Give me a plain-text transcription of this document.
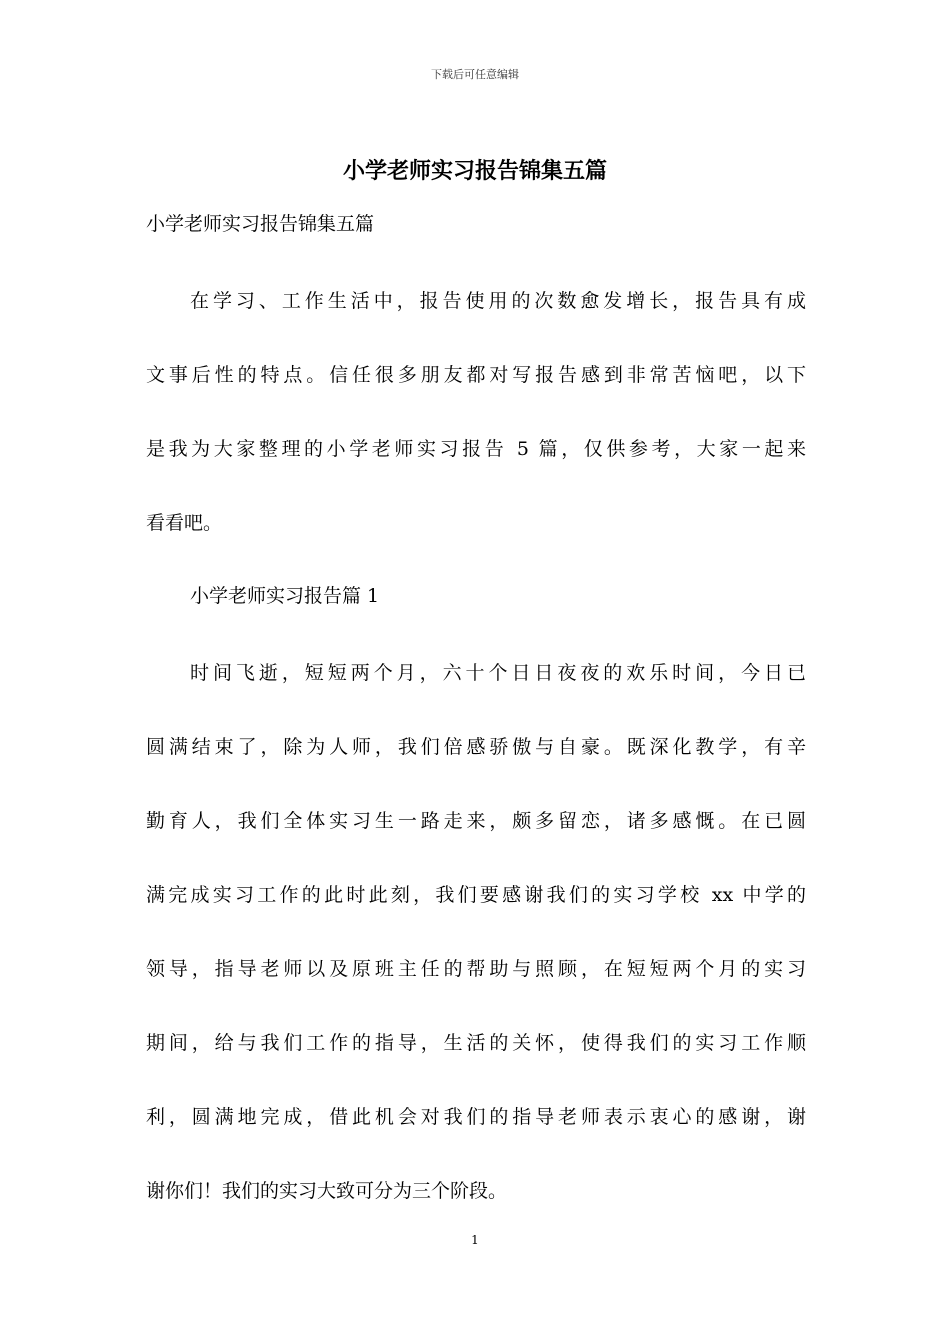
下载后可任意编辑
小学老师实习报告锦集五篇
小学老师实习报告锦集五篇
在学习、工作生活中，报告使用的次数愈发增长，报告具有成
文事后性的特点。信任很多朋友都对写报告感到非常苦恼吧，以下
是我为大家整理的小学老师实习报告 5 篇，仅供参考，大家一起来
看看吧。
小学老师实习报告篇 1
时间飞逝，短短两个月，六十个日日夜夜的欢乐时间，今日已
圆满结束了，除为人师，我们倍感骄傲与自豪。既深化教学，有辛
勤育人，我们全体实习生一路走来，颇多留恋，诸多感慨。在已圆
满完成实习工作的此时此刻，我们要感谢我们的实习学校 xx 中学的
领导，指导老师以及原班主任的帮助与照顾，在短短两个月的实习
期间，给与我们工作的指导，生活的关怀，使得我们的实习工作顺
利，圆满地完成，借此机会对我们的指导老师表示衷心的感谢，谢
谢你们！我们的实习大致可分为三个阶段。
1
